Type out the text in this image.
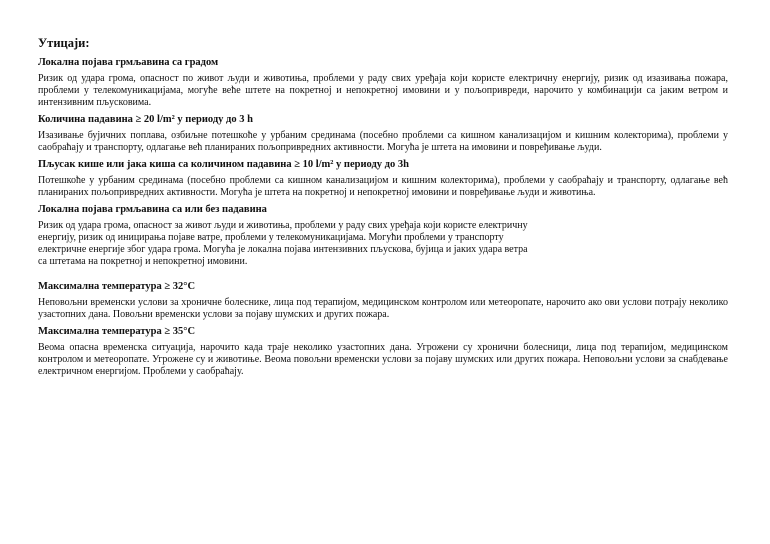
Утицаји:
Локална појава грмљавина са градом
Ризик од удара грома, опасност по живот људи и животиња, проблеми у раду свих уређаја који користе електричну енергију, ризик од изазивања пожара, проблеми у телекомуникацијама, могуће веће штете на покретној и непокретној имовини и у пољопривреди, нарочито у комбинацији са јаким ветром и интензивним пљусковима.
Количина падавина ≥ 20 l/m² у периоду до 3 h
Изазивање бујичних поплава, озбиљне потешкоће у урбаним срединама (посебно проблеми са кишном канализацијом и кишним колекторима), проблеми у саобраћају и транспорту, одлагање већ планираних пољопривредних активности. Могућа је штета на имовини и повређивање људи.
Пљусак кише или јака киша са количином падавина ≥ 10 l/m² у периоду до 3h
Потешкоће у урбаним срединама (посебно проблеми са кишном канализацијом и кишним колекторима), проблеми у саобраћају и транспорту, одлагање већ планираних пољопривредних активности. Могућа је штета на покретној и непокретној имовини и повређивање људи и животиња.
Локална појава грмљавина са или без падавина
Ризик од удара грома, опасност за живот људи и животиња, проблеми у раду свих уређаја који користе електричну
енергију, ризик од иницирања појаве ватре, проблеми у телекомуникацијама. Могући проблеми у транспорту
електричне енергије због удара грома. Могућа је локална појава интензивних пљускова, бујица и јаких удара ветра
са штетама на покретној и непокретној имовини.
Максимална температура ≥ 32°C
Неповољни временски услови за хроничне болеснике, лица под терапијом, медицинском контролом или метеоропате, нарочито ако ови услови потрају неколико узастопних дана. Повољни временски услови за појаву шумских и других пожара.
Максимална температура ≥ 35°C
Веома опасна временска ситуација, нарочито када траје неколико узастопних дана. Угрожени су хронични болесници, лица под терапијом, медицинском контролом и метеоропате. Угрожене су и животиње. Веома повољни временски услови за појаву шумских или других пожара. Неповољни услови за снабдевање електричном енергијом. Проблеми у саобраћају.
